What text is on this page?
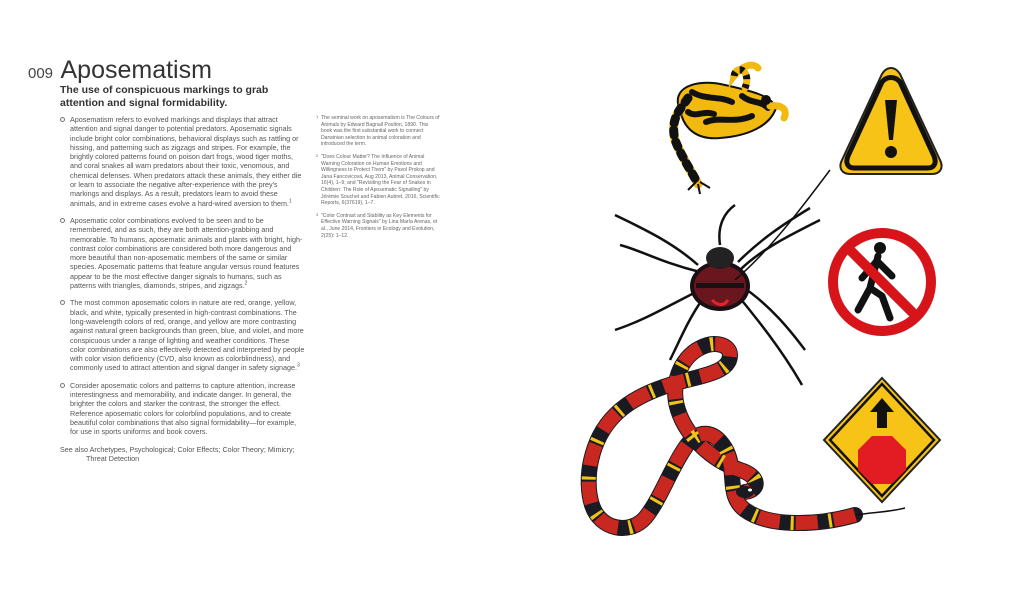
009 Aposematism
The use of conspicuous markings to grab attention and signal formidability.

Aposematism refers to evolved markings and displays that attract attention and signal danger to potential predators. Aposematic signals include bright color combinations, behavioral displays such as rattling or hissing, and patterning such as zigzags and stripes. For example, the brightly colored patterns found on poison dart frogs, wood tiger moths, and coral snakes all warn predators about their toxic, venomous, and chemical defenses. When predators attack these animals, they either die or learn to associate the negative after-experience with the prey's markings and displays. As a result, predators learn to avoid these animals, and in extreme cases evolve a hard-wired aversion to them.$^1$

Aposematic color combinations evolved to be seen and to be remembered, and as such, they are both attention-grabbing and memorable. To humans, aposematic animals and plants with bright, high-contrast color combinations are considered both more dangerous and more beautiful than non-aposematic members of the same or similar species. Aposematic patterns that feature angular versus round features appear to be the most effective danger signals to humans, such as patterns with triangles, diamonds, stripes, and zigzags.$^2$

The most common aposematic colors in nature are red, orange, yellow, black, and white, typically presented in high-contrast combinations. The long-wavelength colors of red, orange, and yellow are more contrasting against natural green backgrounds than green, blue, and violet, and more conspicuous under a range of lighting and weather conditions. These color combinations are also effectively detected and interpreted by people with color vision deficiency (CVD, also known as colorblindness), and commonly used to attract attention and signal danger in safety signage.$^3$

Consider aposematic colors and patterns to capture attention, increase interestingness and memorability, and indicate danger. In general, the brighter the colors and starker the contrast, the stronger the effect. Reference aposematic colors for colorblind populations, and to create beautiful color combinations that also signal formidability—for example, for use in sports uniforms and book covers.

See also Archetypes, Psychological; Color Effects; Color Theory; Mimicry; Threat Detection
1 The seminal work on aposematism is The Colours of Animals by Edward Bagnall Poulton, 1890. This book was the first substantial work to connect Darwinian selection to animal coloration and introduced the term.
2 "Does Colour Matter? The Influence of Animal Warning Coloration on Human Emotions and Willingness to Protect Them" by Pavol Prokop and Jana Fancovicová, Aug 2013, Animal Conservation, 16(4), 1–9; and "Revisiting the Fear of Snakes in Children: The Role of Aposematic Signalling" by Jérémie Souchet and Fabien Aubret, 2016, Scientific Reports, 6(37619), 1–7.
3 "Color Contrast and Stability as Key Elements for Effective Warning Signals" by Lina María Arenas, et al., June 2014, Frontiers in Ecology and Evolution, 2(25): 1–12.
